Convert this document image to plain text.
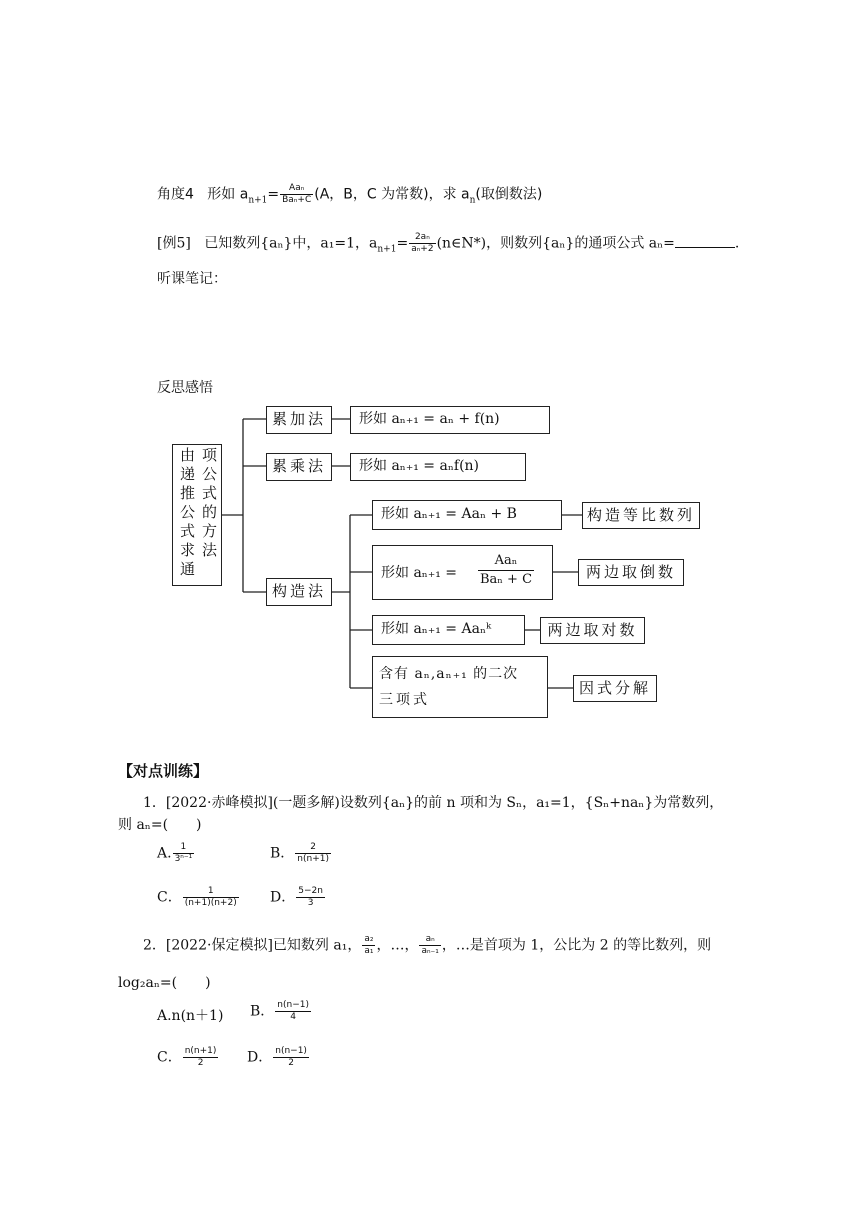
角度4 形如 $a_{n+1}= \frac{\text{Aaₙ}}{\text{Baₙ+C}} (A$，B，C 为常数)，求 $a_n$(取倒数法)
[例5] 已知数列{aₙ}中，a₁=1，$a_{n+1}= \frac{\text{2aₙ}}{\text{aₙ+2}}$ (n∈N*)，则数列{aₙ}的通项公式 aₙ=	.
听课笔记：
反思感悟
项公式的方法
由递推公式求通
累加法
累乘法
构造法
形如 aₙ₊₁ = aₙ + f(n)
形如 aₙ₊₁ = aₙf(n)
形如 aₙ₊₁ = Aaₙ + B	构造等比数列
形如 aₙ₊₁ =
Aaₙ
Baₙ + C	两边取倒数
形如 aₙ₊₁ = Aaₙᵏ	两边取对数
含有 aₙ,aₙ₊₁ 的二次
三项式
因式分解
【对点训练】
1．[2022·赤峰模拟](一题多解)设数列{aₙ}的前 n 项和为 Sₙ，a₁=1，{Sₙ+naₙ}为常数列，
则 aₙ=(　　)
A. $\frac{1}{\text{3ⁿ⁻¹}}$	B． $\frac{2}{n(n+1)}$
C． $\frac{1}{(n+1)(n+2)}$ D． $\frac{5-2n}{3}$
2．[2022·保定模拟]已知数列 a₁， $\frac{\text{a₂}}{\text{a₁}}$ ，…， $\frac{\text{aₙ}}{\text{aₙ₋₁}}$ ，…是首项为 1，公比为 2 的等比数列，则
log₂aₙ=(　　)
A.n(n＋1) B． $\frac{n(n-1)}{4}$
C． $\frac{n(n+1)}{2}$ D． $\frac{n(n-1)}{2}$
